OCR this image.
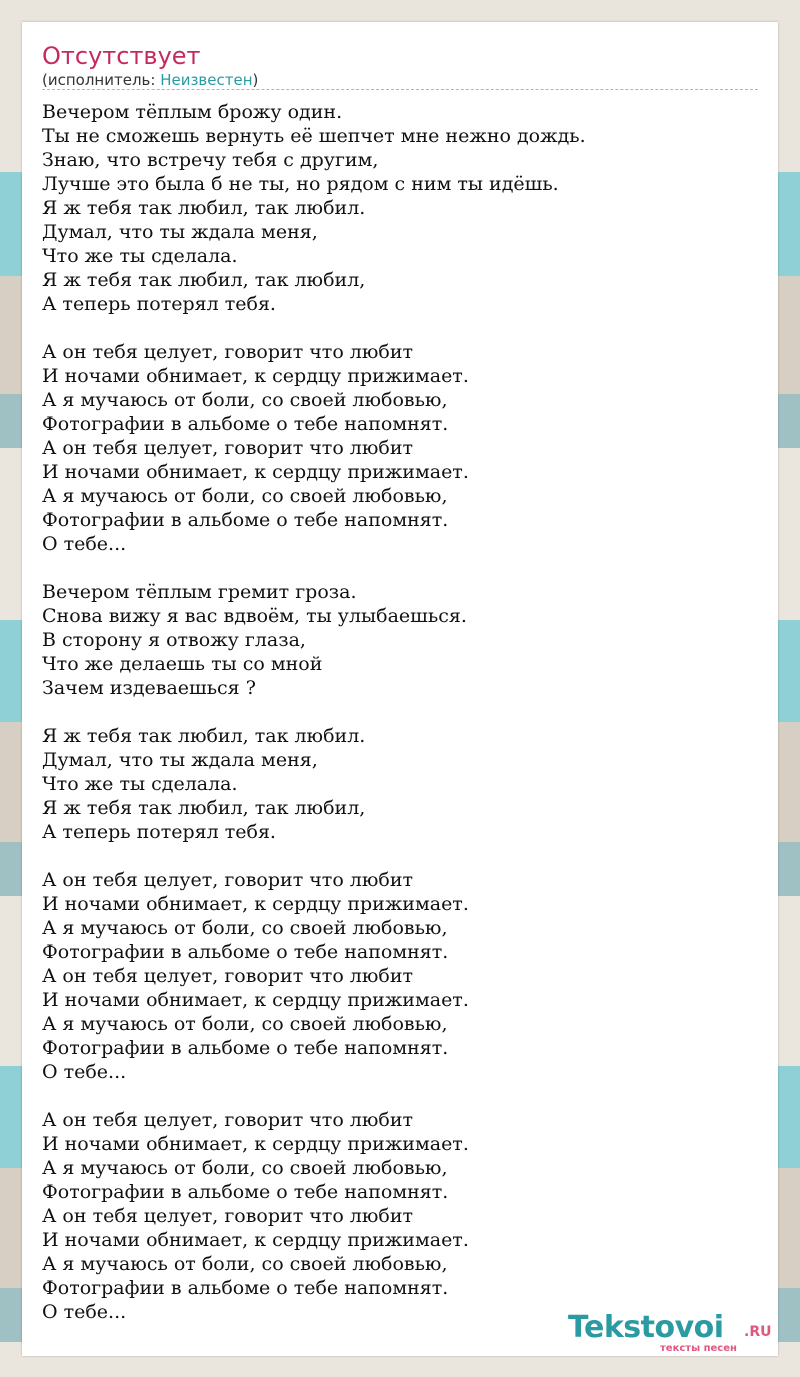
Отсутствует
(исполнитель: Неизвестен)
Вечером тёплым брожу один.
Ты не сможешь вернуть её шепчет мне нежно дождь.
Знаю, что встречу тебя с другим,
Лучше это была б не ты, но рядом с ним ты идёшь.
Я ж тебя так любил, так любил.
Думал, что ты ждала меня,
Что же ты сделала.
Я ж тебя так любил, так любил,
А теперь потерял тебя.
А он тебя целует, говорит что любит
И ночами обнимает, к сердцу прижимает.
А я мучаюсь от боли, со своей любовью,
Фотографии в альбоме о тебе напомнят.
А он тебя целует, говорит что любит
И ночами обнимает, к сердцу прижимает.
А я мучаюсь от боли, со своей любовью,
Фотографии в альбоме о тебе напомнят.
О тебе...
Вечером тёплым гремит гроза.
Снова вижу я вас вдвоём, ты улыбаешься.
В сторону я отвожу глаза,
Что же делаешь ты со мной
Зачем издеваешься ?
Я ж тебя так любил, так любил.
Думал, что ты ждала меня,
Что же ты сделала.
Я ж тебя так любил, так любил,
А теперь потерял тебя.
А он тебя целует, говорит что любит
И ночами обнимает, к сердцу прижимает.
А я мучаюсь от боли, со своей любовью,
Фотографии в альбоме о тебе напомнят.
А он тебя целует, говорит что любит
И ночами обнимает, к сердцу прижимает.
А я мучаюсь от боли, со своей любовью,
Фотографии в альбоме о тебе напомнят.
О тебе...
А он тебя целует, говорит что любит
И ночами обнимает, к сердцу прижимает.
А я мучаюсь от боли, со своей любовью,
Фотографии в альбоме о тебе напомнят.
А он тебя целует, говорит что любит
И ночами обнимает, к сердцу прижимает.
А я мучаюсь от боли, со своей любовью,
Фотографии в альбоме о тебе напомнят.
О тебе...	Tekstovoi .RU
тексты песен
